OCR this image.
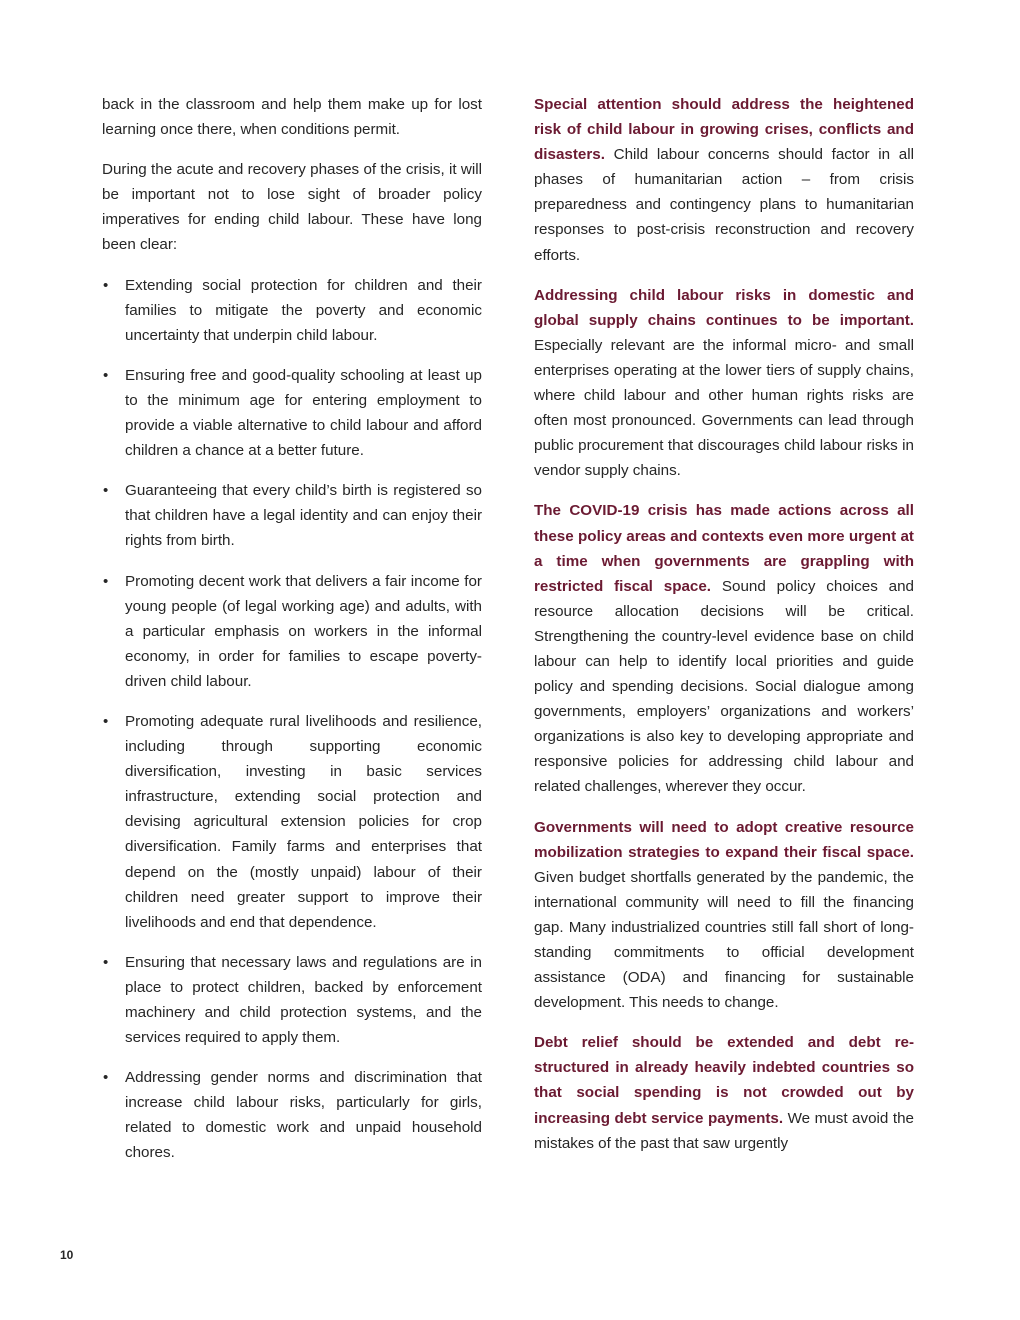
back in the classroom and help them make up for lost learning once there, when conditions permit.

During the acute and recovery phases of the crisis, it will be important not to lose sight of broader policy imperatives for ending child labour. These have long been clear:

• Extending social protection for children and their families to mitigate the poverty and economic uncertainty that underpin child labour.
• Ensuring free and good-quality schooling at least up to the minimum age for entering employment to provide a viable alternative to child labour and afford children a chance at a better future.
• Guaranteeing that every child’s birth is registered so that children have a legal identity and can enjoy their rights from birth.
• Promoting decent work that delivers a fair income for young people (of legal working age) and adults, with a particular emphasis on workers in the informal economy, in order for families to escape poverty-driven child labour.
• Promoting adequate rural livelihoods and resilience, including through supporting economic diversification, investing in basic services infrastructure, extending social protection and devising agricultural extension policies for crop diversification. Family farms and enterprises that depend on the (mostly unpaid) labour of their children need greater support to improve their livelihoods and end that dependence.
• Ensuring that necessary laws and regulations are in place to protect children, backed by enforcement machinery and child protection systems, and the services required to apply them.
• Addressing gender norms and discrimination that increase child labour risks, particularly for girls, related to domestic work and unpaid household chores.

Special attention should address the heightened risk of child labour in growing crises, conflicts and disasters. Child labour concerns should factor in all phases of humanitarian action – from crisis preparedness and contingency plans to humanitarian responses to post-crisis reconstruction and recovery efforts.

Addressing child labour risks in domestic and global supply chains continues to be important. Especially relevant are the informal micro- and small enterprises operating at the lower tiers of supply chains, where child labour and other human rights risks are often most pronounced. Governments can lead through public procurement that discourages child labour risks in vendor supply chains.

The COVID-19 crisis has made actions across all these policy areas and contexts even more urgent at a time when governments are grappling with restricted fiscal space. Sound policy choices and resource allocation decisions will be critical. Strengthening the country-level evidence base on child labour can help to identify local priorities and guide policy and spending decisions. Social dialogue among governments, employers’ organizations and workers’ organizations is also key to developing appropriate and responsive policies for addressing child labour and related challenges, wherever they occur.

Governments will need to adopt creative resource mobilization strategies to expand their fiscal space. Given budget shortfalls generated by the pandemic, the international community will need to fill the financing gap. Many industrialized countries still fall short of long-standing commitments to official development assistance (ODA) and financing for sustainable development. This needs to change.

Debt relief should be extended and debt re-structured in already heavily indebted countries so that social spending is not crowded out by increasing debt service payments. We must avoid the mistakes of the past that saw urgently

10
